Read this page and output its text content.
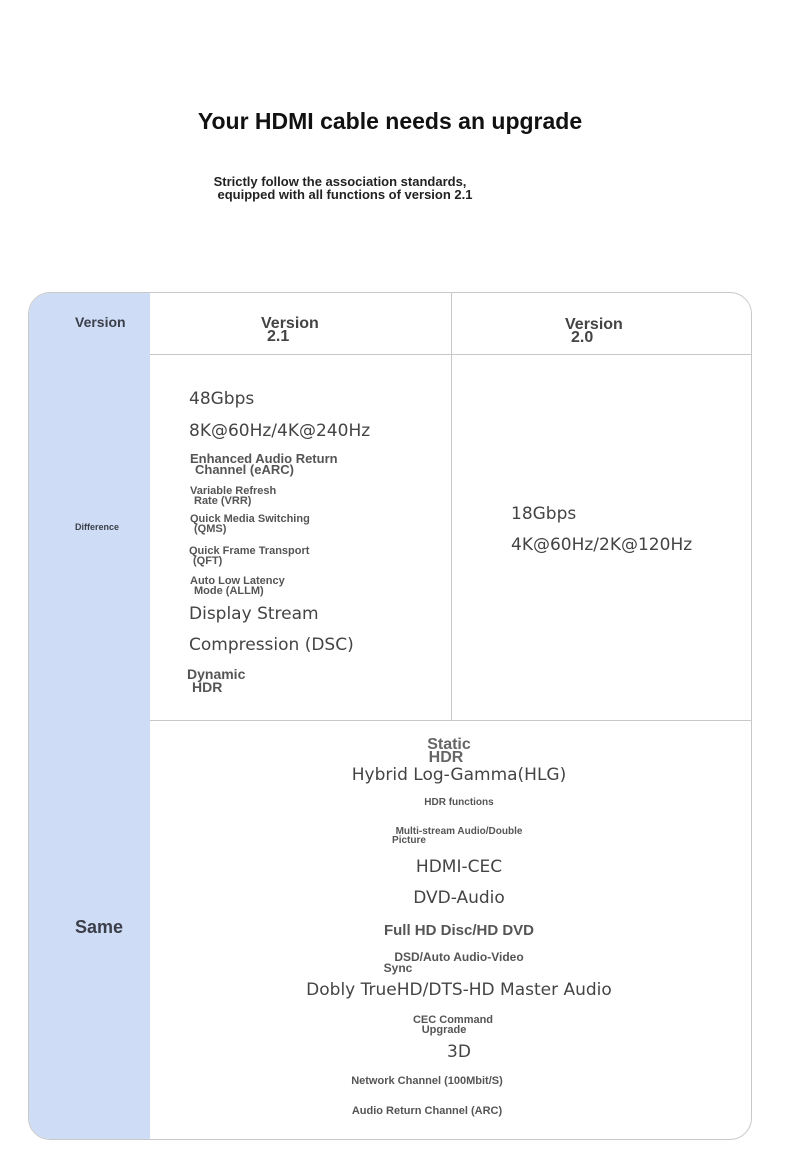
Your HDMI cable needs an upgrade
Strictly follow the association standards,
equipped with all functions of version 2.1
Version
Difference
Same
Version
2.1
Version
2.0
48Gbps
8K@60Hz/4K@240Hz
Enhanced Audio Return
Channel (eARC)
Variable Refresh
Rate (VRR)
Quick Media Switching
(QMS)
Quick Frame Transport
(QFT)
Auto Low Latency
Mode (ALLM)
Display Stream
Compression (DSC)
Dynamic
HDR
18Gbps
4K@60Hz/2K@120Hz
Static
HDR
Hybrid Log-Gamma(HLG)
HDR functions
Multi-stream Audio/Double
Picture
HDMI-CEC
DVD-Audio
Full HD Disc/HD DVD
DSD/Auto Audio-Video
Sync
Dobly TrueHD/DTS-HD Master Audio
CEC Command
Upgrade
3D
Network Channel (100Mbit/S)
Audio Return Channel (ARC)
